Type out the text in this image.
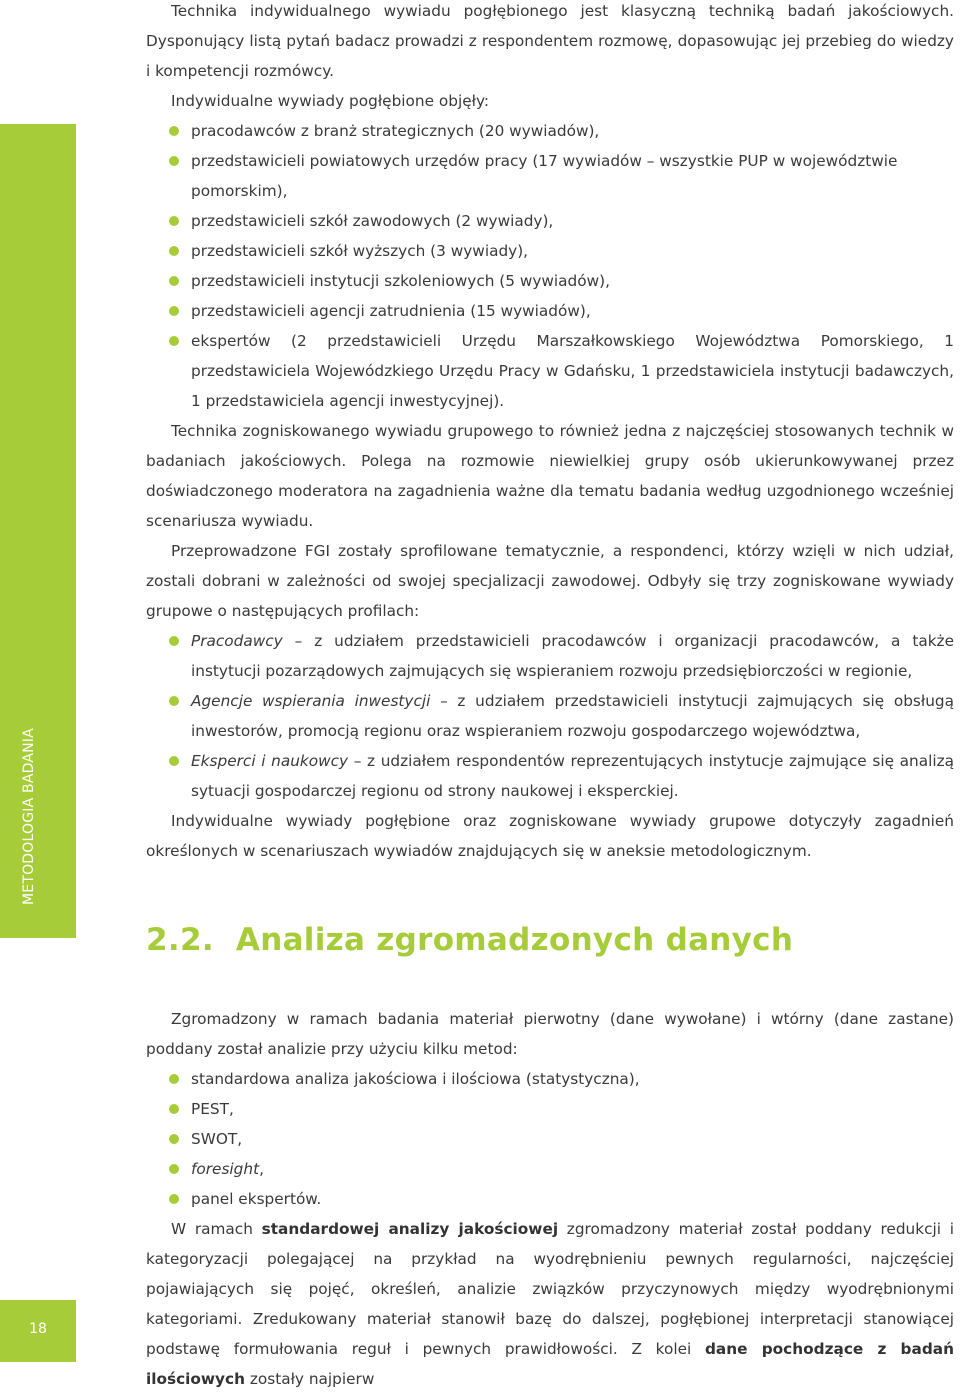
METODOLOGIA BADANIA
18

Technika indywidualnego wywiadu pogłębionego jest klasyczną techniką badań jakościowych. Dysponujący listą pytań badacz prowadzi z respondentem rozmowę, dopasowując jej przebieg do wiedzy i kompetencji rozmówcy.

Indywidualne wywiady pogłębione objęły:

pracodawców z branż strategicznych (20 wywiadów),
przedstawicieli powiatowych urzędów pracy (17 wywiadów – wszystkie PUP w województwie pomorskim),
przedstawicieli szkół zawodowych (2 wywiady),
przedstawicieli szkół wyższych (3 wywiady),
przedstawicieli instytucji szkoleniowych (5 wywiadów),
przedstawicieli agencji zatrudnienia (15 wywiadów),
ekspertów (2 przedstawicieli Urzędu Marszałkowskiego Województwa Pomorskiego, 1 przedstawiciela Wojewódzkiego Urzędu Pracy w Gdańsku, 1 przedstawiciela instytucji badawczych, 1 przedstawiciela agencji inwestycyjnej).

Technika zogniskowanego wywiadu grupowego to również jedna z najczęściej stosowanych technik w badaniach jakościowych. Polega na rozmowie niewielkiej grupy osób ukierunkowywanej przez doświadczonego moderatora na zagadnienia ważne dla tematu badania według uzgodnionego wcześniej scenariusza wywiadu.

Przeprowadzone FGI zostały sprofilowane tematycznie, a respondenci, którzy wzięli w nich udział, zostali dobrani w zależności od swojej specjalizacji zawodowej. Odbyły się trzy zogniskowane wywiady grupowe o następujących profilach:

Pracodawcy – z udziałem przedstawicieli pracodawców i organizacji pracodawców, a także instytucji pozarządowych zajmujących się wspieraniem rozwoju przedsiębiorczości w regionie,
Agencje wspierania inwestycji – z udziałem przedstawicieli instytucji zajmujących się obsługą inwestorów, promocją regionu oraz wspieraniem rozwoju gospodarczego województwa,
Eksperci i naukowcy – z udziałem respondentów reprezentujących instytucje zajmujące się analizą sytuacji gospodarczej regionu od strony naukowej i eksperckiej.

Indywidualne wywiady pogłębione oraz zogniskowane wywiady grupowe dotyczyły zagadnień określonych w scenariuszach wywiadów znajdujących się w aneksie metodologicznym.

2.2. Analiza zgromadzonych danych

Zgromadzony w ramach badania materiał pierwotny (dane wywołane) i wtórny (dane zastane) poddany został analizie przy użyciu kilku metod:

standardowa analiza jakościowa i ilościowa (statystyczna),
PEST,
SWOT,
foresight,
panel ekspertów.

W ramach standardowej analizy jakościowej zgromadzony materiał został poddany redukcji i kategoryzacji polegającej na przykład na wyodrębnieniu pewnych regularności, najczęściej pojawiających się pojęć, określeń, analizie związków przyczynowych między wyodrębnionymi kategoriami. Zredukowany materiał stanowił bazę do dalszej, pogłębionej interpretacji stanowiącej podstawę formułowania reguł i pewnych prawidłowości. Z kolei dane pochodzące z badań ilościowych zostały najpierw
